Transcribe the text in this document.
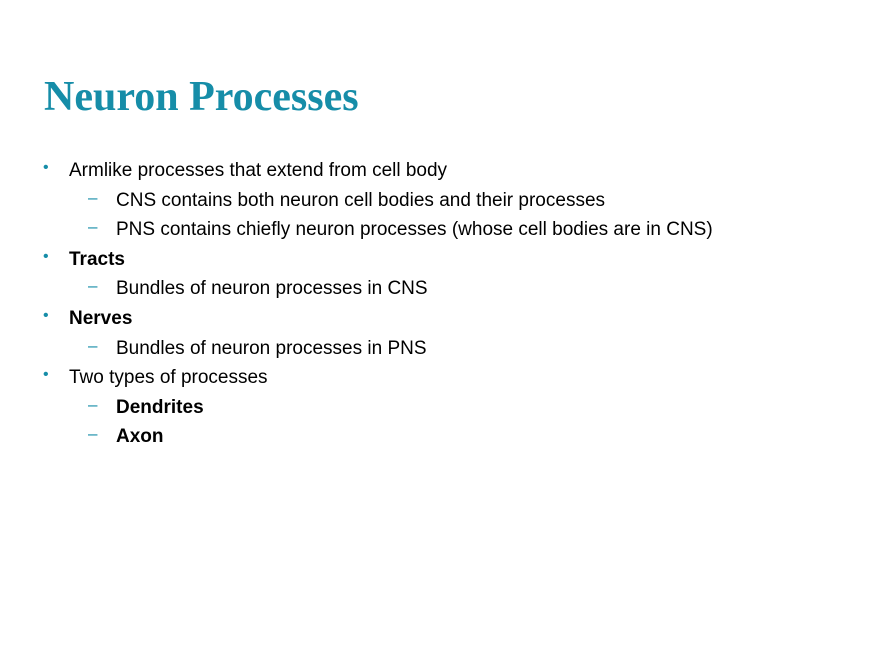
Neuron Processes
• Armlike processes that extend from cell body
– CNS contains both neuron cell bodies and their processes
– PNS contains chiefly neuron processes (whose cell bodies are in CNS)
• Tracts
– Bundles of neuron processes in CNS
• Nerves
– Bundles of neuron processes in PNS
• Two types of processes
– Dendrites
– Axon
